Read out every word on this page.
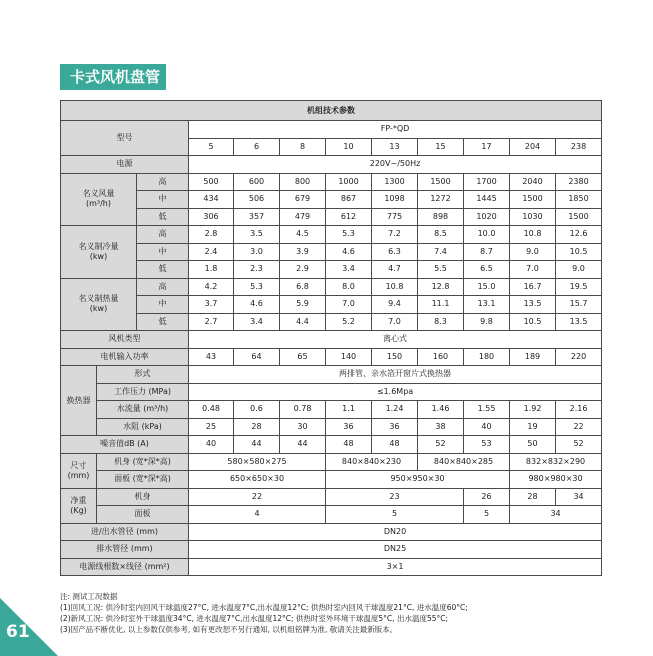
卡式风机盘管
机组技术参数											
型号			FP-*QD								
			5	6	8	10	13	15	17	204	238
电源			220V~/50Hz								

名义风量
(m³/h)		高	500	600	800	1000	1300	1500	1700	2040	2380
		中	434	506	679	867	1098	1272	1445	1500	1850
		低	306	357	479	612	775	898	1020	1030	1500

名义制冷量
(kw)		高	2.8	3.5	4.5	5.3	7.2	8.5	10.0	10.8	12.6
		中	2.4	3.0	3.9	4.6	6.3	7.4	8.7	9.0	10.5
		低	1.8	2.3	2.9	3.4	4.7	5.5	6.5	7.0	9.0

名义制热量
(kw)		高	4.2	5.3	6.8	8.0	10.8	12.8	15.0	16.7	19.5
		中	3.7	4.6	5.9	7.0	9.4	11.1	13.1	13.5	15.7
		低	2.7	3.4	4.4	5.2	7.0	8.3	9.8	10.5	13.5
风机类型			离心式								
电机输入功率			43	64	65	140	150	160	180	189	220
换热器	形式		两排管、亲水箔开窗片式换热器								
	工作压力 (MPa)		≤1.6Mpa								
	水流量 (m³/h)		0.48	0.6	0.78	1.1	1.24	1.46	1.55	1.92	2.16
	水阻 (kPa)		25	28	30	36	36	38	40	19	22
噪音值dB (A)			40	44	44	48	48	52	53	50	52

尺寸
(mm)	机身 (宽*深*高)		580×580×275			840×840×230		840×840×285		832×832×290	
	面板 (宽*深*高)		650×650×30			950×950×30				980×980×30	

净重
(Kg)	机身		22			23			26	28	34
	面板		4			5			5	34	
进/出水管径 (mm)			DN20								
排水管径 (mm)			DN25								
电源线根数×线径 (mm²)			3×1								
注: 测试工况数据
(1)回风工况: 供冷时室内回风干球温度27°C, 进水温度7°C,出水温度12°C; 供热时室内回风干球温度21°C, 进水温度60°C;
(2)新风工况: 供冷时室外干球温度34°C, 进水温度7°C,出水温度12°C; 供热时室外环境干球温度5°C, 出水温度55°C;
(3)因产品不断优化, 以上参数仅供参考, 如有更改恕不另行通知, 以机组铭牌为准, 敬请关注最新版本。
61
